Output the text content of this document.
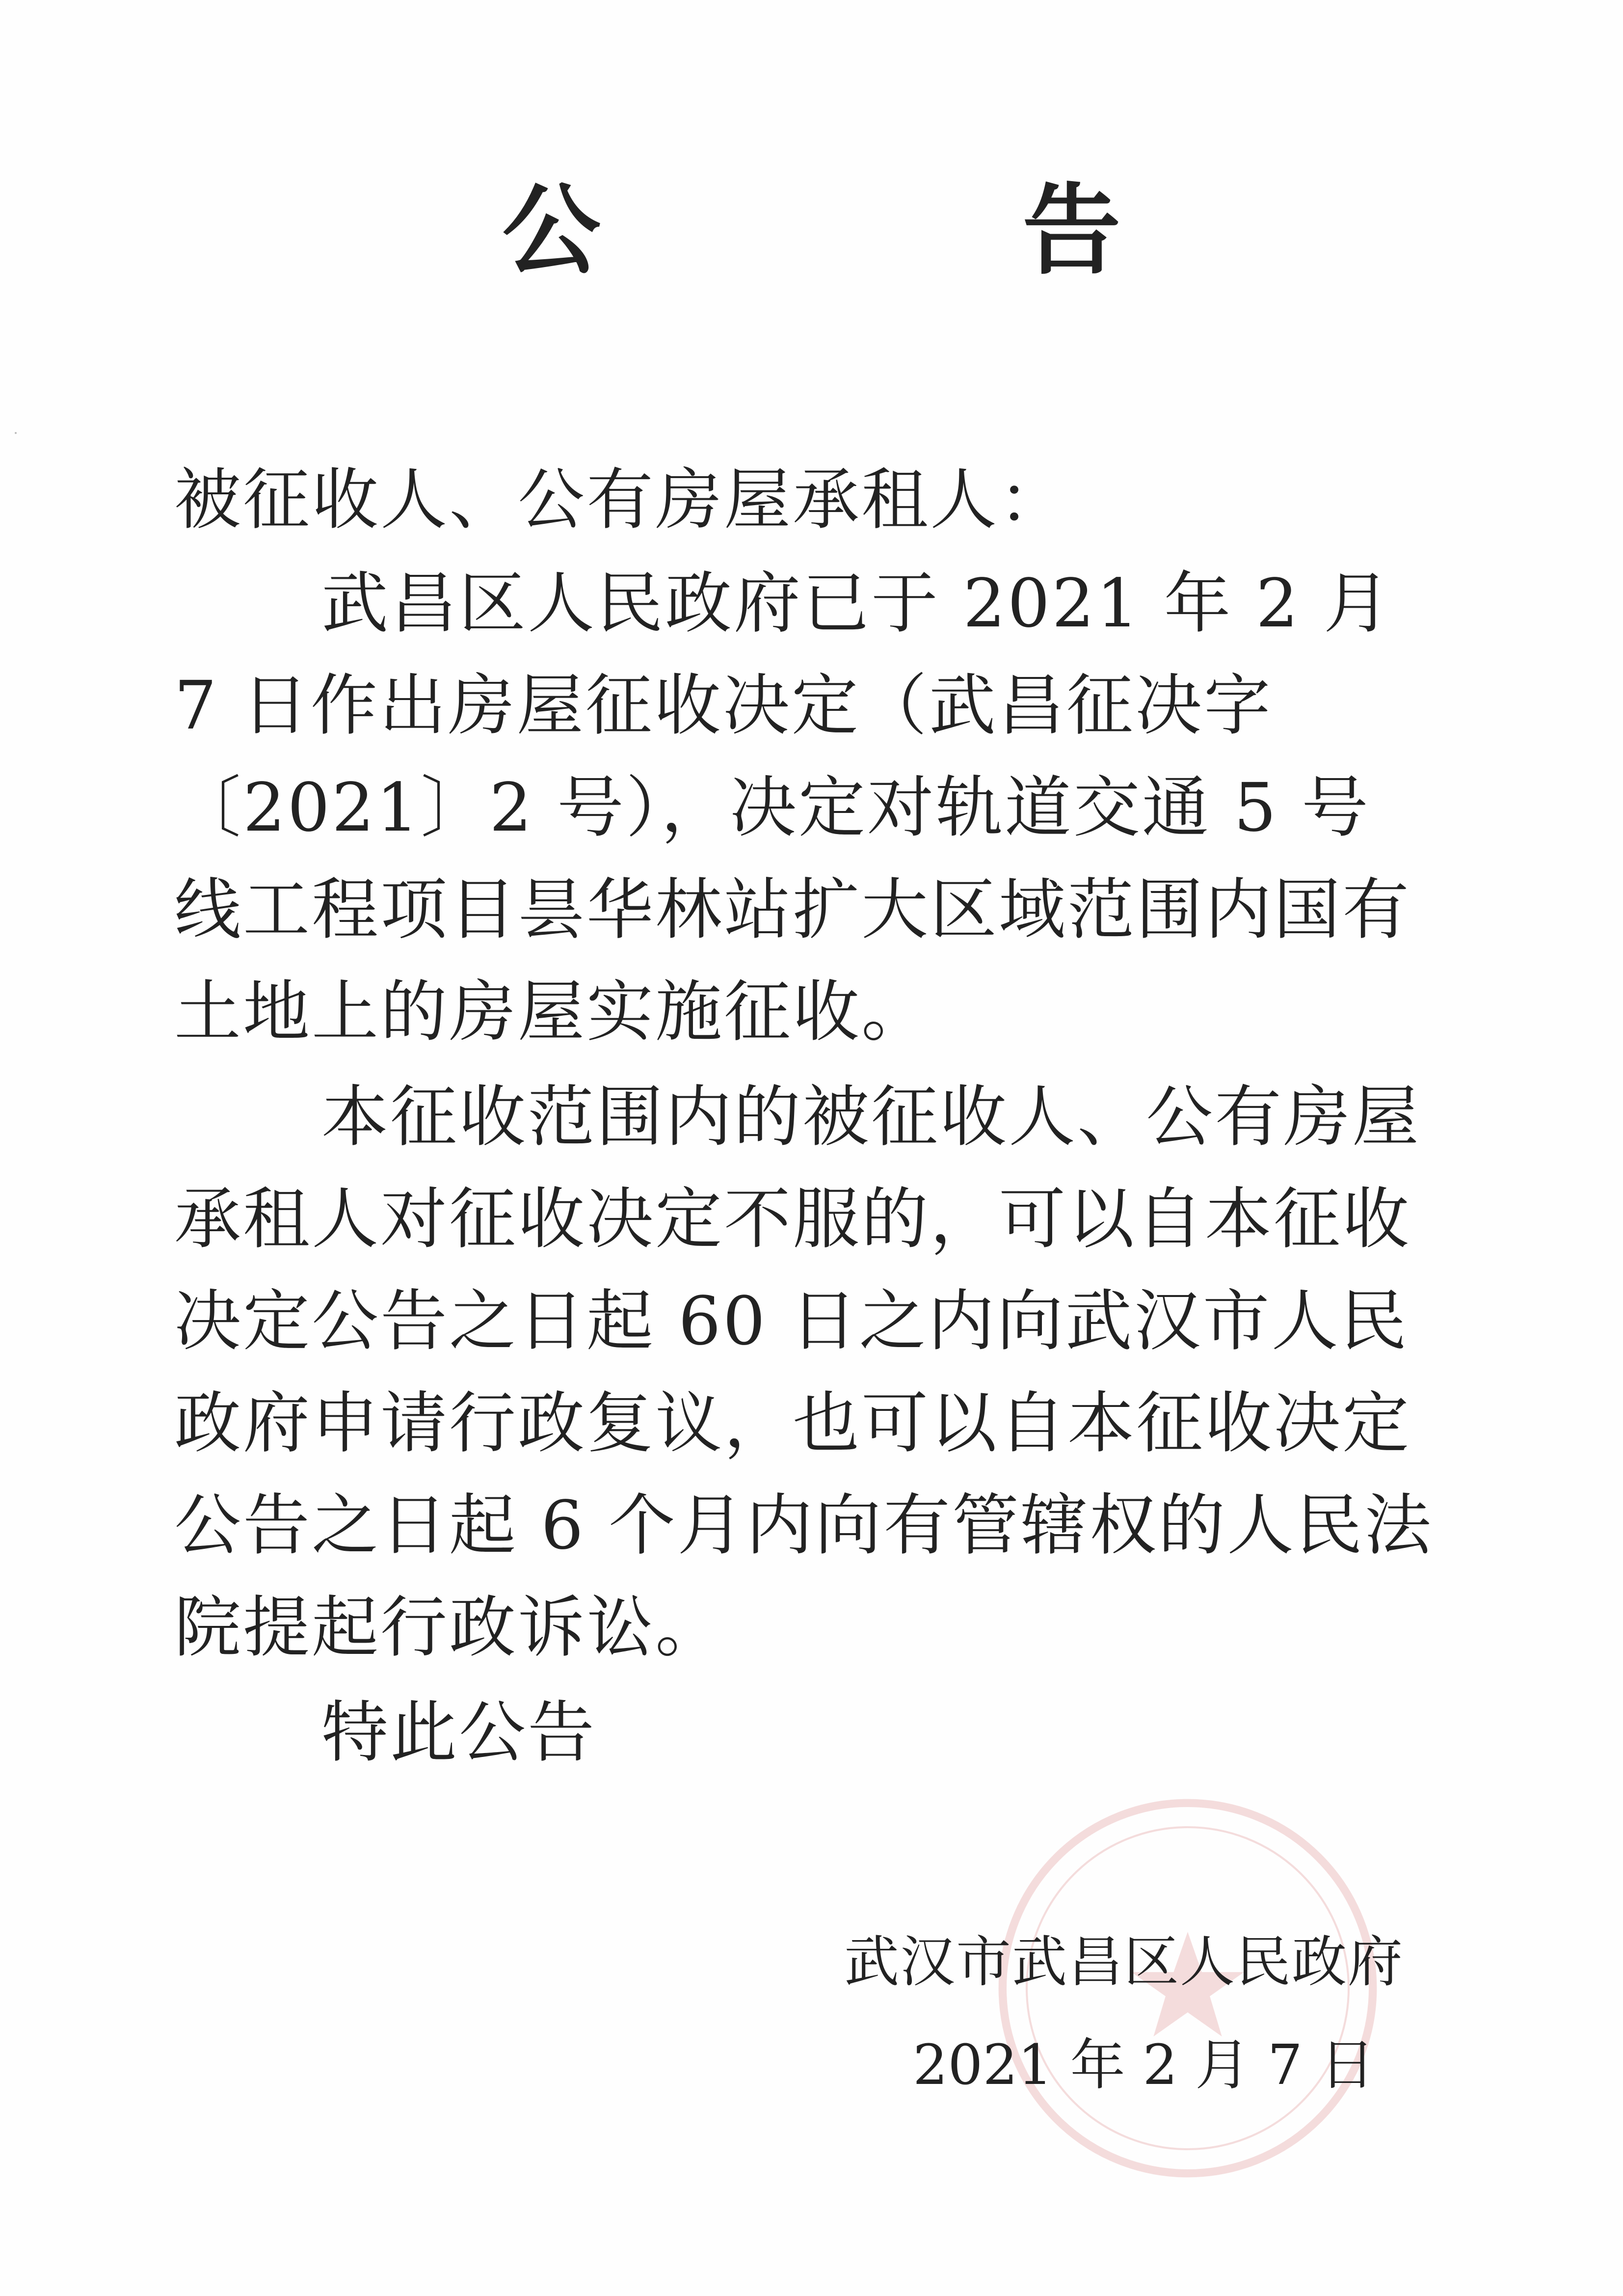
公　告
被征收人、公有房屋承租人：
武昌区人民政府已于 2021 年 2 月 7 日作出房屋征收决定（武昌征决字〔2021〕2 号），决定对轨道交通 5 号线工程项目昙华林站扩大区域范围内国有土地上的房屋实施征收。
本征收范围内的被征收人、公有房屋承租人对征收决定不服的，可以自本征收决定公告之日起 60 日之内向武汉市人民政府申请行政复议，也可以自本征收决定公告之日起 6 个月内向有管辖权的人民法院提起行政诉讼。
特此公告
武汉市武昌区人民政府
2021 年 2 月 7 日
